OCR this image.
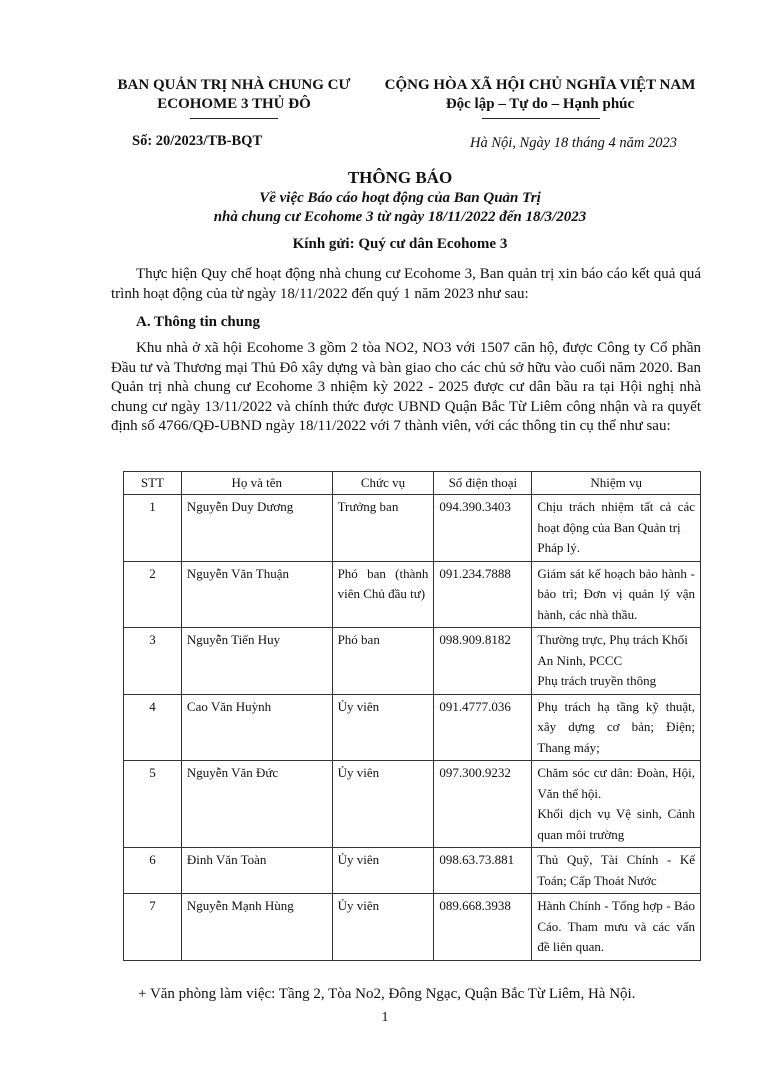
BAN QUẢN TRỊ NHÀ CHUNG CƯ
ECOHOME 3 THỦ ĐÔ
CỘNG HÒA XÃ HỘI CHỦ NGHĨA VIỆT NAM
Độc lập – Tự do – Hạnh phúc
Số: 20/2023/TB-BQT	Hà Nội, Ngày 18 tháng 4 năm 2023
THÔNG BÁO
Về việc Báo cáo hoạt động của Ban Quản Trị
nhà chung cư Ecohome 3 từ ngày 18/11/2022 đến 18/3/2023
Kính gửi: Quý cư dân Ecohome 3
Thực hiện Quy chế hoạt động nhà chung cư Ecohome 3, Ban quản trị xin báo cáo kết quả quá trình hoạt động của từ ngày 18/11/2022 đến quý 1 năm 2023 như sau:
A. Thông tin chung
Khu nhà ở xã hội Ecohome 3 gồm 2 tòa NO2, NO3 với 1507 căn hộ, được Công ty Cổ phần Đầu tư và Thương mại Thủ Đô xây dựng và bàn giao cho các chủ sở hữu vào cuối năm 2020. Ban Quản trị nhà chung cư Ecohome 3 nhiệm kỳ 2022 - 2025 được cư dân bầu ra tại Hội nghị nhà chung cư ngày 13/11/2022 và chính thức được UBND Quận Bắc Từ Liêm công nhận và ra quyết định số 4766/QĐ-UBND ngày 18/11/2022 với 7 thành viên, với các thông tin cụ thể như sau:
STT	Họ và tên	Chức vụ	Số điện thoại	Nhiệm vụ
1	Nguyễn Duy Dương	Trưởng ban	094.390.3403	Chịu trách nhiệm tất cả các hoạt động của Ban Quản trị
Pháp lý.

2	Nguyễn Văn Thuận	Phó ban (thành viên Chủ đầu tư)	091.234.7888	Giám sát kế hoạch bảo hành - bảo trì; Đơn vị quản lý vận hành, các nhà thầu.

3	Nguyễn Tiến Huy	Phó ban	098.909.8182	Thường trực, Phụ trách Khối An Ninh, PCCC
Phụ trách truyền thông

4	Cao Văn Huỳnh	Ủy viên	091.4777.036	Phụ trách hạ tầng kỹ thuật, xây dựng cơ bản; Điện; Thang máy;

5	Nguyễn Văn Đức	Ủy viên	097.300.9232	Chăm sóc cư dân: Đoàn, Hội, Văn thể hội.
Khối dịch vụ Vệ sinh, Cảnh quan môi trường

6	Đinh Văn Toàn	Ủy viên	098.63.73.881	Thủ Quỹ, Tài Chính - Kế Toán; Cấp Thoát Nước

7	Nguyễn Mạnh Hùng	Ủy viên	089.668.3938	Hành Chính - Tổng hợp - Báo Cáo. Tham mưu và các vấn đề liên quan.
+ Văn phòng làm việc: Tầng 2, Tòa No2, Đông Ngạc, Quận Bắc Từ Liêm, Hà Nội.
1
